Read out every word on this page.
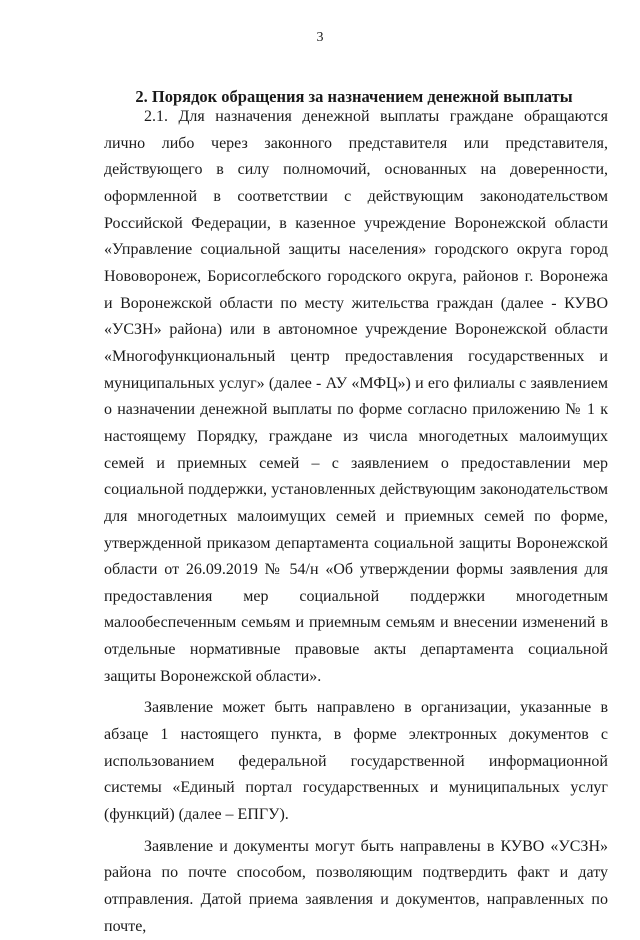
3
2. Порядок обращения за назначением денежной выплаты

2.1. Для назначения денежной выплаты граждане обращаются лично либо через законного представителя или представителя, действующего в силу полномочий, основанных на доверенности, оформленной в соответствии с действующим законодательством Российской Федерации, в казенное учреждение Воронежской области «Управление социальной защиты населения» городского округа город Нововоронеж, Борисоглебского городского округа, районов г. Воронежа и Воронежской области по месту жительства граждан (далее - КУВО «УСЗН» района) или в автономное учреждение Воронежской области «Многофункциональный центр предоставления государственных и муниципальных услуг» (далее - АУ «МФЦ») и его филиалы с заявлением о назначении денежной выплаты по форме согласно приложению № 1 к настоящему Порядку, граждане из числа многодетных малоимущих семей и приемных семей – с заявлением о предоставлении мер социальной поддержки, установленных действующим законодательством для многодетных малоимущих семей и приемных семей по форме, утвержденной приказом департамента социальной защиты Воронежской области от 26.09.2019 № 54/н «Об утверждении формы заявления для предоставления мер социальной поддержки многодетным малообеспеченным семьям и приемным семьям и внесении изменений в отдельные нормативные правовые акты департамента социальной защиты Воронежской области».

Заявление может быть направлено в организации, указанные в абзаце 1 настоящего пункта, в форме электронных документов с использованием федеральной государственной информационной системы «Единый портал государственных и муниципальных услуг (функций) (далее – ЕПГУ).

Заявление и документы могут быть направлены в КУВО «УСЗН» района по почте способом, позволяющим подтвердить факт и дату отправления. Датой приема заявления и документов, направленных по почте,
